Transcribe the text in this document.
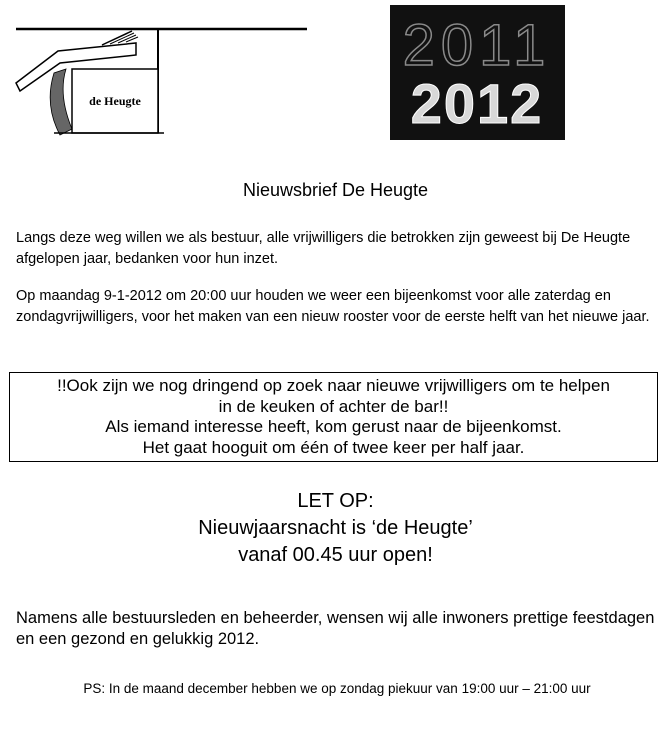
de Heugte
2011
2012
Nieuwsbrief De Heugte
Langs deze weg willen we als bestuur, alle vrijwilligers die betrokken zijn geweest bij De Heugte afgelopen jaar, bedanken voor hun inzet.
Op maandag 9-1-2012 om 20:00 uur houden we weer een bijeenkomst voor alle zaterdag en zondagvrijwilligers, voor het maken van een nieuw rooster voor de eerste helft van het nieuwe jaar.
!!Ook zijn we nog dringend op zoek naar nieuwe vrijwilligers om te helpen
in de keuken of achter de bar!!
Als iemand interesse heeft, kom gerust naar de bijeenkomst.
Het gaat hooguit om één of twee keer per half jaar.
LET OP:
Nieuwjaarsnacht is ‘de Heugte’
vanaf 00.45 uur open!
Namens alle bestuursleden en beheerder, wensen wij alle inwoners prettige feestdagen en een gezond en gelukkig 2012.
PS: In de maand december hebben we op zondag piekuur van 19:00 uur – 21:00 uur
